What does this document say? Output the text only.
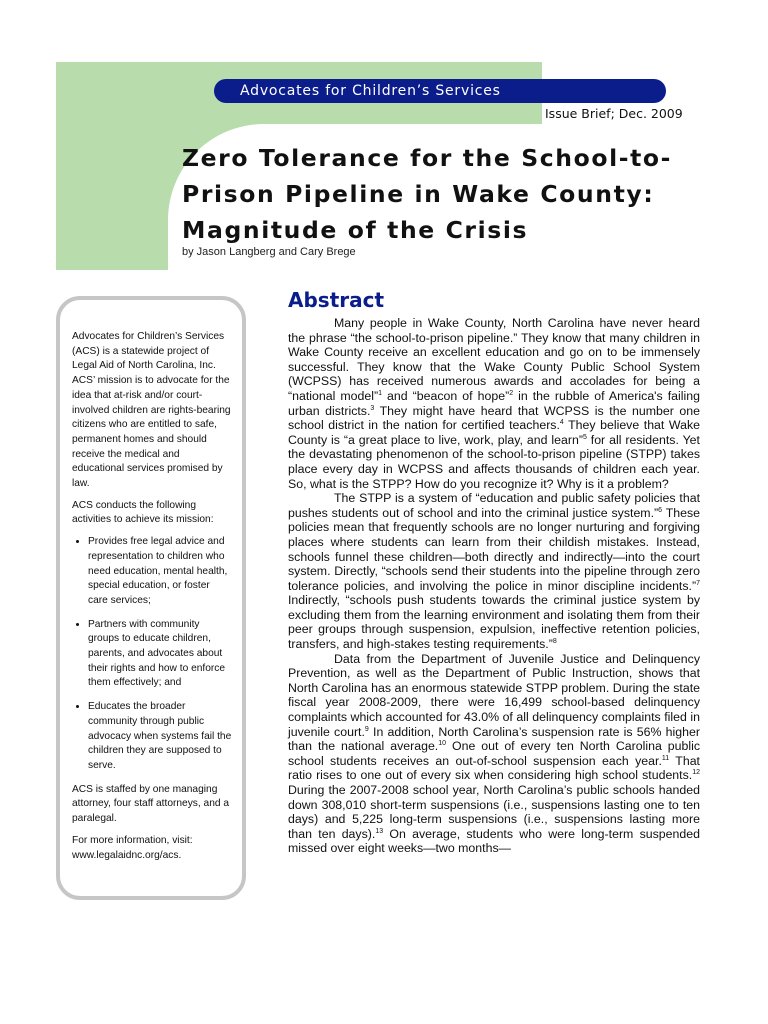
Advocates for Children’s Services
Issue Brief; Dec. 2009
Zero Tolerance for the School-to-Prison Pipeline in Wake County: Magnitude of the Crisis
by Jason Langberg and Cary Brege

Advocates for Children’s Services (ACS) is a statewide project of Legal Aid of North Carolina, Inc. ACS’ mission is to advocate for the idea that at-risk and/or court-involved children are rights-bearing citizens who are entitled to safe, permanent homes and should receive the medical and educational services promised by law.

ACS conducts the following activities to achieve its mission:

• Provides free legal advice and representation to children who need education, mental health, special education, or foster care services;
• Partners with community groups to educate children, parents, and advocates about their rights and how to enforce them effectively; and
• Educates the broader community through public advocacy when systems fail the children they are supposed to serve.

ACS is staffed by one managing attorney, four staff attorneys, and a paralegal.

For more information, visit: www.legalaidnc.org/acs.

Abstract

Many people in Wake County, North Carolina have never heard the phrase “the school-to-prison pipeline.” They know that many children in Wake County receive an excellent education and go on to be immensely successful. They know that the Wake County Public School System (WCPSS) has received numerous awards and accolades for being a “national model”$^1$ and “beacon of hope”$^2$ in the rubble of America's failing urban districts.$^3$ They might have heard that WCPSS is the number one school district in the nation for certified teachers.$^4$ They believe that Wake County is “a great place to live, work, play, and learn”$^5$ for all residents. Yet the devastating phenomenon of the school-to-prison pipeline (STPP) takes place every day in WCPSS and affects thousands of children each year. So, what is the STPP? How do you recognize it? Why is it a problem?

The STPP is a system of “education and public safety policies that pushes students out of school and into the criminal justice system.”$^6$ These policies mean that frequently schools are no longer nurturing and forgiving places where students can learn from their childish mistakes. Instead, schools funnel these children—both directly and indirectly—into the court system. Directly, “schools send their students into the pipeline through zero tolerance policies, and involving the police in minor discipline incidents.”$^7$ Indirectly, “schools push students towards the criminal justice system by excluding them from the learning environment and isolating them from their peer groups through suspension, expulsion, ineffective retention policies, transfers, and high-stakes testing requirements.”$^8$

Data from the Department of Juvenile Justice and Delinquency Prevention, as well as the Department of Public Instruction, shows that North Carolina has an enormous statewide STPP problem. During the state fiscal year 2008-2009, there were 16,499 school-based delinquency complaints which accounted for 43.0% of all delinquency complaints filed in juvenile court.$^9$ In addition, North Carolina’s suspension rate is 56% higher than the national average.$^{10}$ One out of every ten North Carolina public school students receives an out-of-school suspension each year.$^{11}$ That ratio rises to one out of every six when considering high school students.$^{12}$ During the 2007-2008 school year, North Carolina’s public schools handed down 308,010 short-term suspensions (i.e., suspensions lasting one to ten days) and 5,225 long-term suspensions (i.e., suspensions lasting more than ten days).$^{13}$ On average, students who were long-term suspended missed over eight weeks—two months—
